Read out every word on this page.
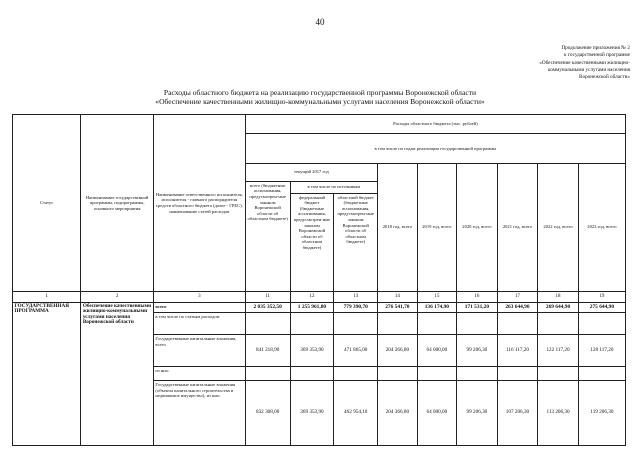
40
Продолжение приложения № 2
к государственной программе
«Обеспечение качественными жилищно-
коммунальными услугами населения
Воронежской области»
Расходы областного бюджета на реализацию государственной программы Воронежской области
«Обеспечение качественными жилищно-коммунальными услугами населения Воронежской области»
Статус	Наименование государственной программы, подпрограммы, основного мероприятия	Наименование ответственного исполнителя, исполнителя - главного распорядителя средств областного бюджета (далее - ГРБС), наименование статей расходов	Расходы областного бюджета (тыс. рублей)								
			в том числе по годам реализации государственной программы								
			текущий 2017 год			2018 год, всего	2019 год, всего	2020 год, всего	2021 год, всего	2022 год, всего	2023 год, всего
			всего (бюджетные ассигнования, предусмотрен-ные законом Воронежской области об областном бюджете)	в том числе по источникам							
				федеральный бюджет (бюджетные ассигнования, предусмотрен-ные законом Воронежской области об областном бюджете)	областной бюджет (бюджетные ассигнования, предусмотрен-ные законом Воронежской области об областном бюджете)						
1	2	3	11	12	13	14	15	16	17	18	19
ГОСУДАРСТВЕННАЯ ПРОГРАММА	Обеспечение качественными жилищно-коммунальными услугами населения Воронежской области	всего	2 035 352,50	1 255 961,80	779 390,70	276 541,70	136 174,90	171 531,20	263 644,90	269 644,90	275 644,90
		в том числе по статьям расходов:									
		Государственные капитальные вложения, всего	841 218,90	369 353,90	471 865,00	204 366,80	64 000,00	99 206,30	116 117,20	122 117,20	128 117,20
		из них:									
		Государственные капитальные вложения (объекты капитального строительства и недвижимое имущество), из них:	832 308,00	369 353,90	462 954,10	204 366,80	64 000,00	99 206,30	107 206,30	113 206,30	119 206,30
